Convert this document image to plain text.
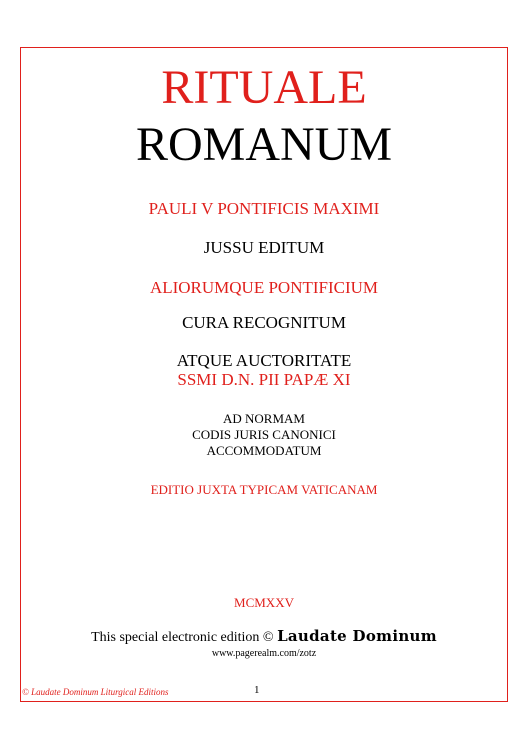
RITUALE
ROMANUM
PAULI V PONTIFICIS MAXIMI
JUSSU EDITUM
ALIORUMQUE PONTIFICIUM
CURA RECOGNITUM
ATQUE AUCTORITATE
SSMI D.N. PII PAPÆ XI
AD NORMAM
CODIS JURIS CANONICI
ACCOMMODATUM
EDITIO JUXTA TYPICAM VATICANAM
MCMXXV
This special electronic edition © Laudate Dominum
www.pagerealm.com/zotz
© Laudate Dominum Liturgical Editions	1
